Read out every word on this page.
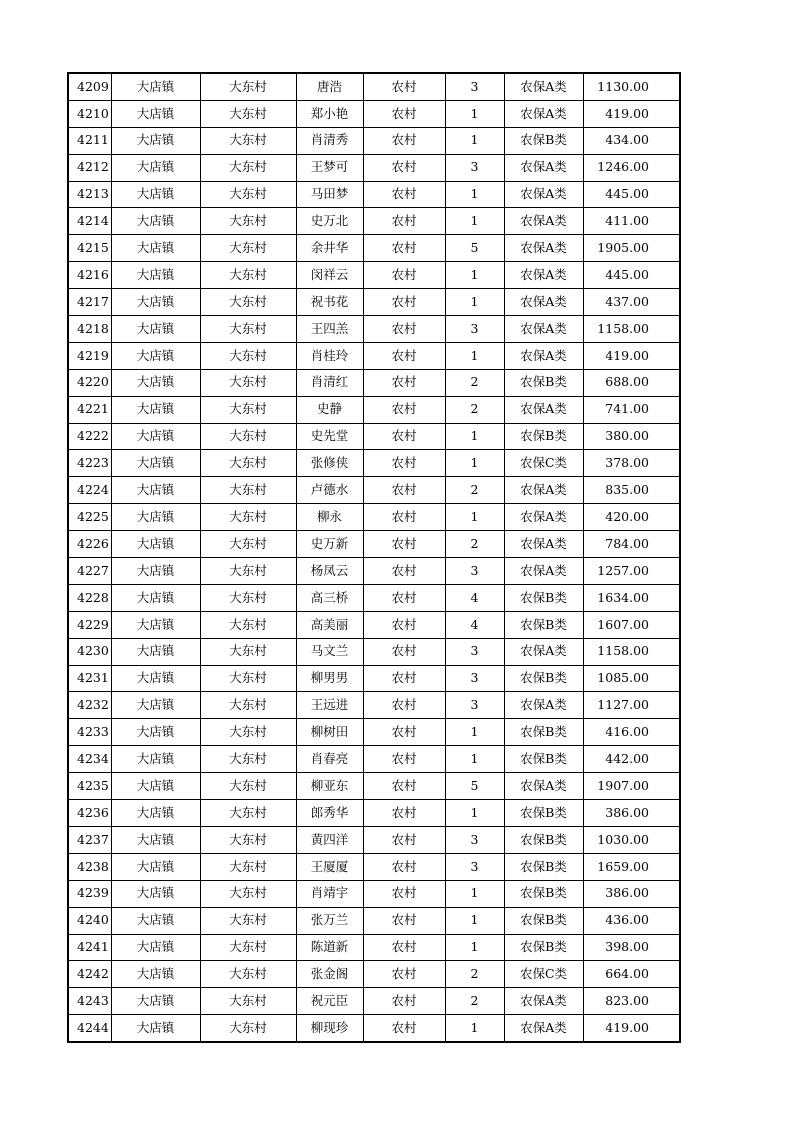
4209	大店镇	大东村	唐浩	农村	3	农保A类	1130.00
4210	大店镇	大东村	郑小艳	农村	1	农保A类	419.00
4211	大店镇	大东村	肖清秀	农村	1	农保B类	434.00
4212	大店镇	大东村	王梦可	农村	3	农保A类	1246.00
4213	大店镇	大东村	马田梦	农村	1	农保A类	445.00
4214	大店镇	大东村	史万北	农村	1	农保A类	411.00
4215	大店镇	大东村	余井华	农村	5	农保A类	1905.00
4216	大店镇	大东村	闵祥云	农村	1	农保A类	445.00
4217	大店镇	大东村	祝书花	农村	1	农保A类	437.00
4218	大店镇	大东村	王四羔	农村	3	农保A类	1158.00
4219	大店镇	大东村	肖桂玲	农村	1	农保A类	419.00
4220	大店镇	大东村	肖清红	农村	2	农保B类	688.00
4221	大店镇	大东村	史静	农村	2	农保A类	741.00
4222	大店镇	大东村	史先堂	农村	1	农保B类	380.00
4223	大店镇	大东村	张修侠	农村	1	农保C类	378.00
4224	大店镇	大东村	卢德水	农村	2	农保A类	835.00
4225	大店镇	大东村	柳永	农村	1	农保A类	420.00
4226	大店镇	大东村	史万新	农村	2	农保A类	784.00
4227	大店镇	大东村	杨凤云	农村	3	农保A类	1257.00
4228	大店镇	大东村	高三桥	农村	4	农保B类	1634.00
4229	大店镇	大东村	高美丽	农村	4	农保B类	1607.00
4230	大店镇	大东村	马文兰	农村	3	农保A类	1158.00
4231	大店镇	大东村	柳男男	农村	3	农保B类	1085.00
4232	大店镇	大东村	王远进	农村	3	农保A类	1127.00
4233	大店镇	大东村	柳树田	农村	1	农保B类	416.00
4234	大店镇	大东村	肖春亮	农村	1	农保B类	442.00
4235	大店镇	大东村	柳亚东	农村	5	农保A类	1907.00
4236	大店镇	大东村	郎秀华	农村	1	农保B类	386.00
4237	大店镇	大东村	黄四洋	农村	3	农保B类	1030.00
4238	大店镇	大东村	王厦厦	农村	3	农保B类	1659.00
4239	大店镇	大东村	肖靖宇	农村	1	农保B类	386.00
4240	大店镇	大东村	张万兰	农村	1	农保B类	436.00
4241	大店镇	大东村	陈道新	农村	1	农保B类	398.00
4242	大店镇	大东村	张金阁	农村	2	农保C类	664.00
4243	大店镇	大东村	祝元臣	农村	2	农保A类	823.00
4244	大店镇	大东村	柳现珍	农村	1	农保A类	419.00
